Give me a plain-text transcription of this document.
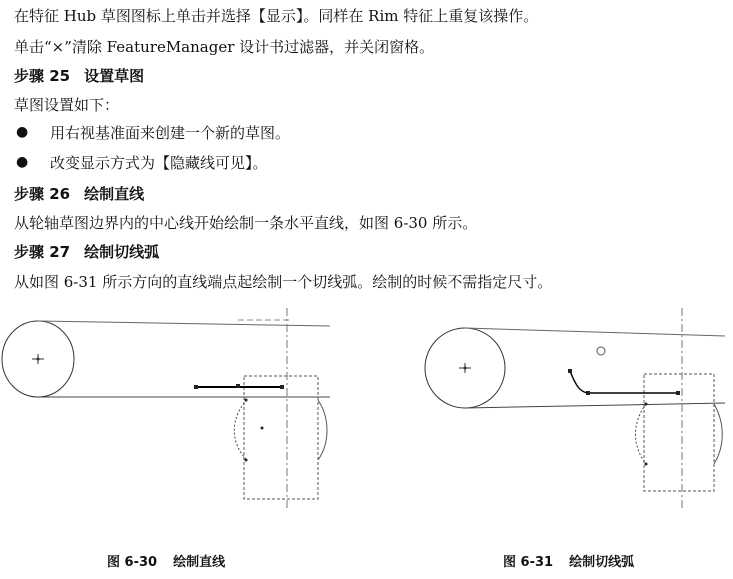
在特征 Hub 草图图标上单击并选择【显示】。同样在 Rim 特征上重复该操作。
单击“×”清除 FeatureManager 设计书过滤器，并关闭窗格。
步骤 25 设置草图
草图设置如下：
● 用右视基准面来创建一个新的草图。
● 改变显示方式为【隐藏线可见】。
步骤 26 绘制直线
从轮轴草图边界内的中心线开始绘制一条水平直线，如图 6-30 所示。
步骤 27 绘制切线弧
从如图 6-31 所示方向的直线端点起绘制一个切线弧。绘制的时候不需指定尺寸。
图 6-30 绘制直线	图 6-31 绘制切线弧
